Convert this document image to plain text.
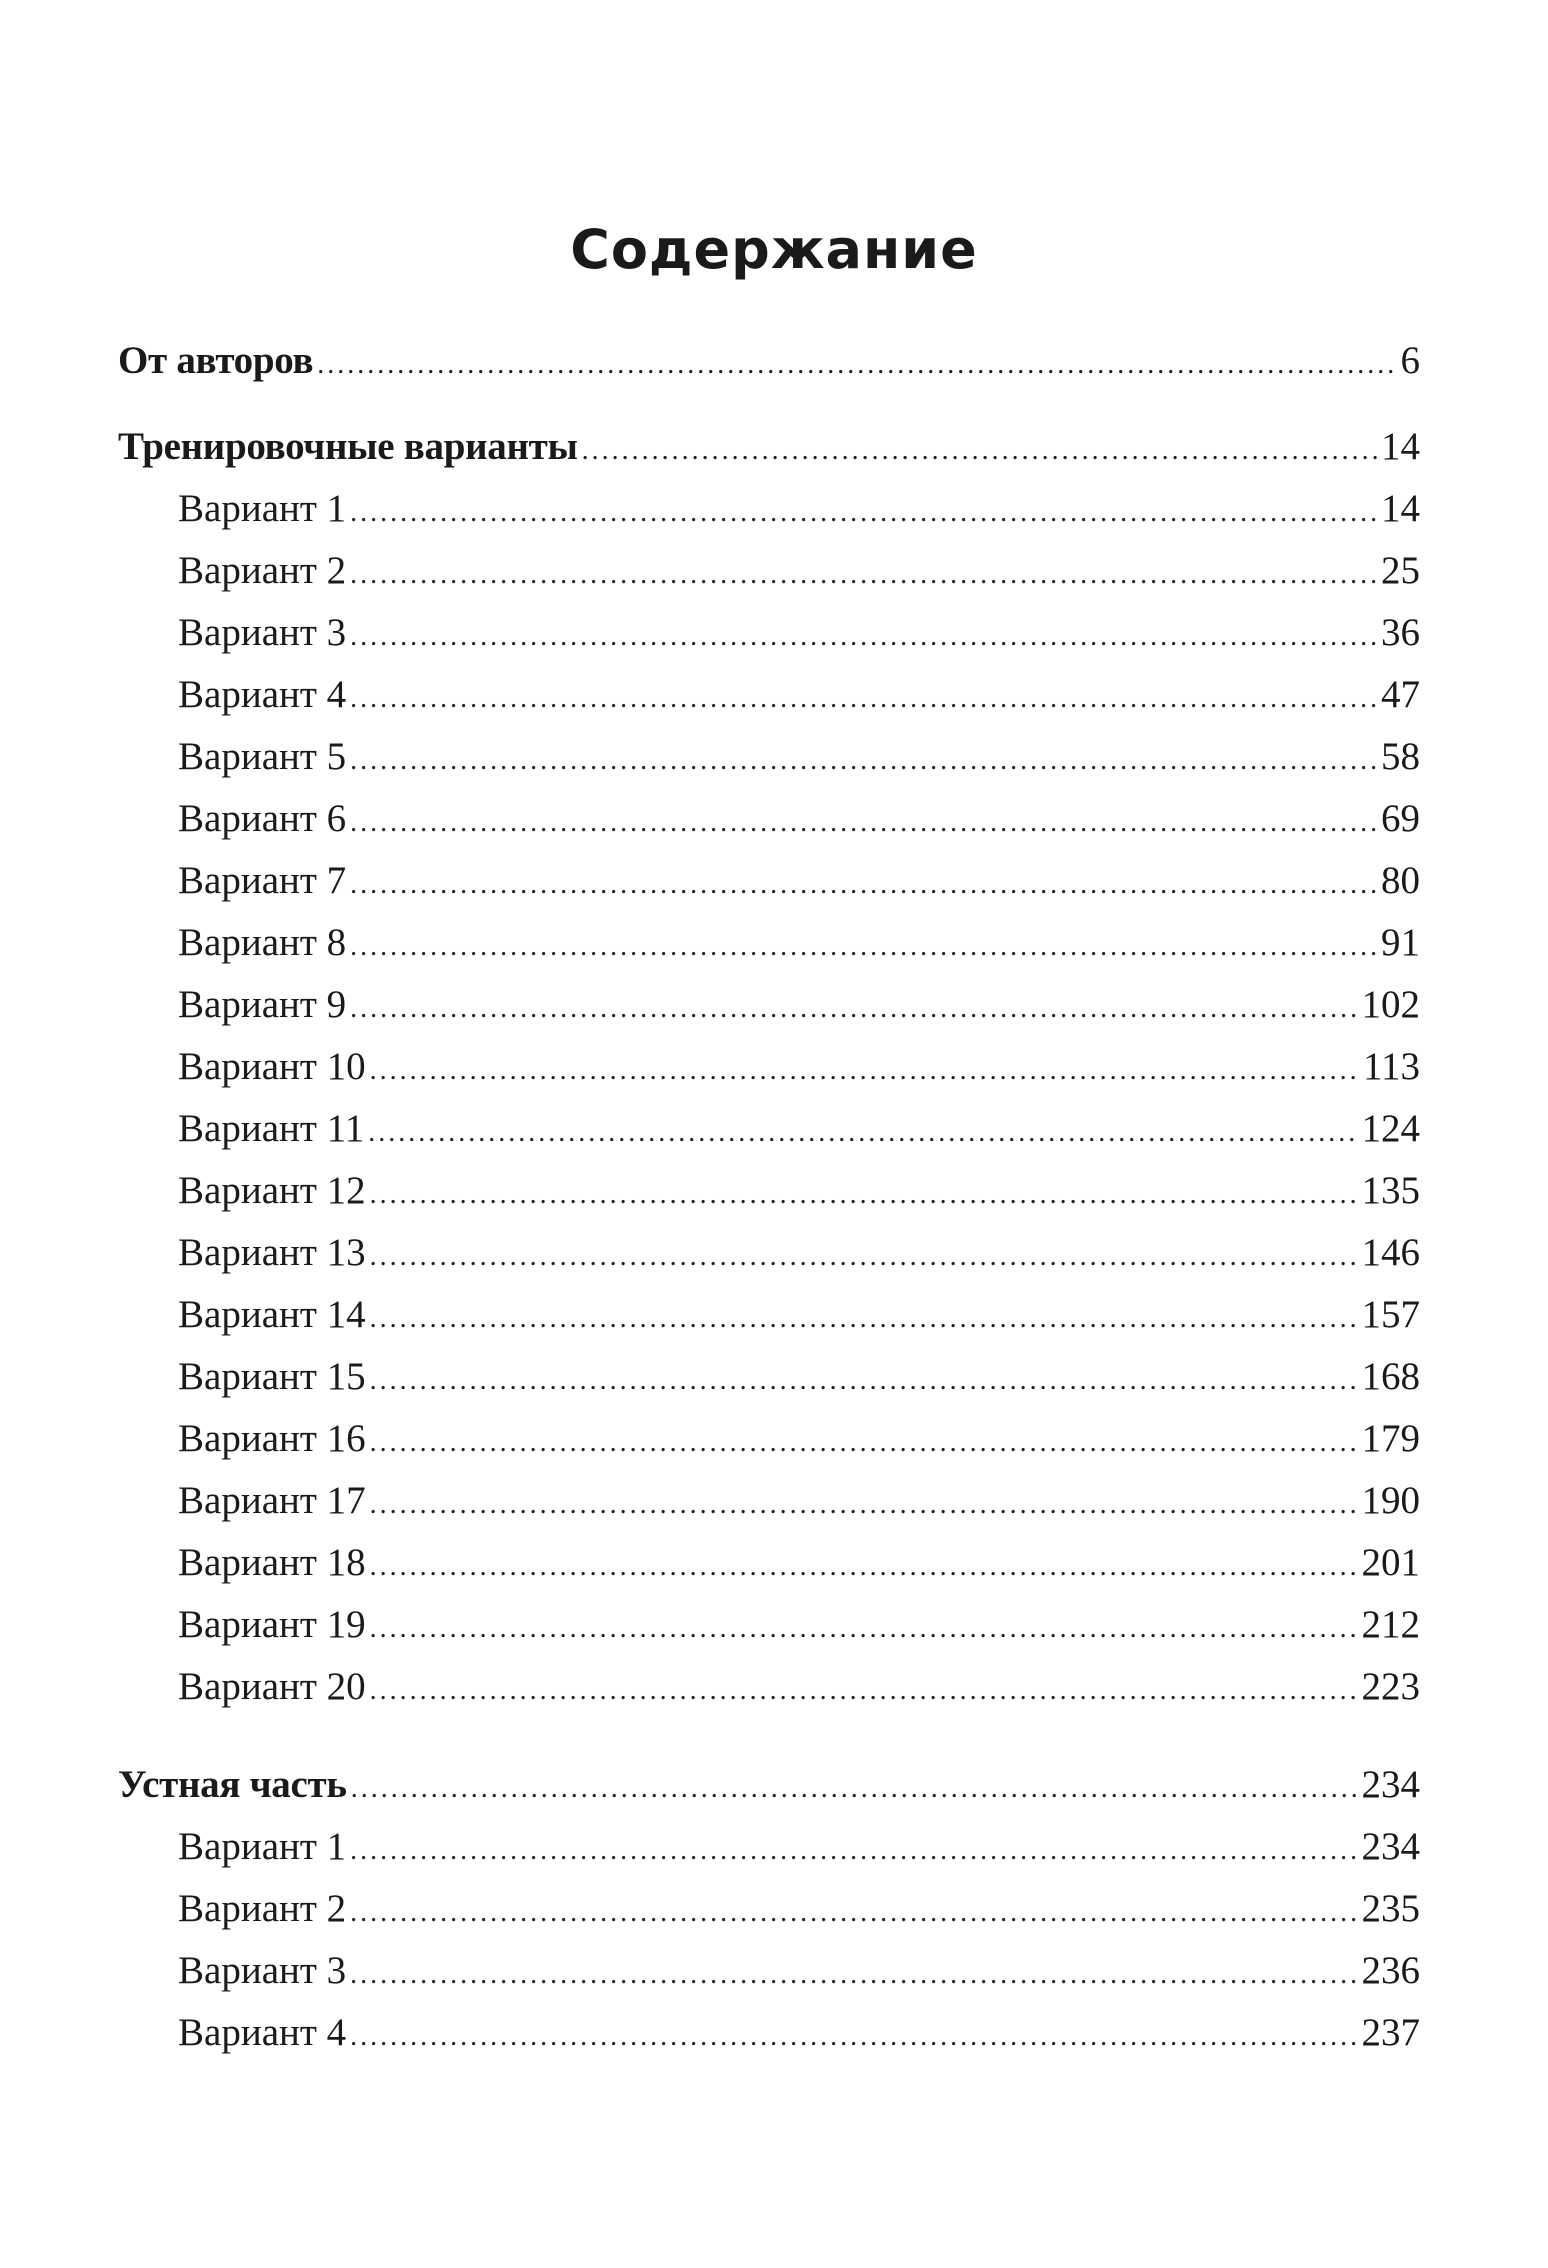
Содержание
От авторов .....	6
Тренировочные варианты .....	14
Вариант 1 .....	14
Вариант 2 .....	25
Вариант 3 .....	36
Вариант 4 .....	47
Вариант 5 .....	58
Вариант 6 .....	69
Вариант 7 .....	80
Вариант 8 .....	91
Вариант 9 .....	102
Вариант 10 .....	113
Вариант 11 .....	124
Вариант 12 .....	135
Вариант 13 .....	146
Вариант 14 .....	157
Вариант 15 .....	168
Вариант 16 .....	179
Вариант 17 .....	190
Вариант 18 .....	201
Вариант 19 .....	212
Вариант 20 .....	223
Устная часть .....	234
Вариант 1 .....	234
Вариант 2 .....	235
Вариант 3 .....	236
Вариант 4 .....	237
